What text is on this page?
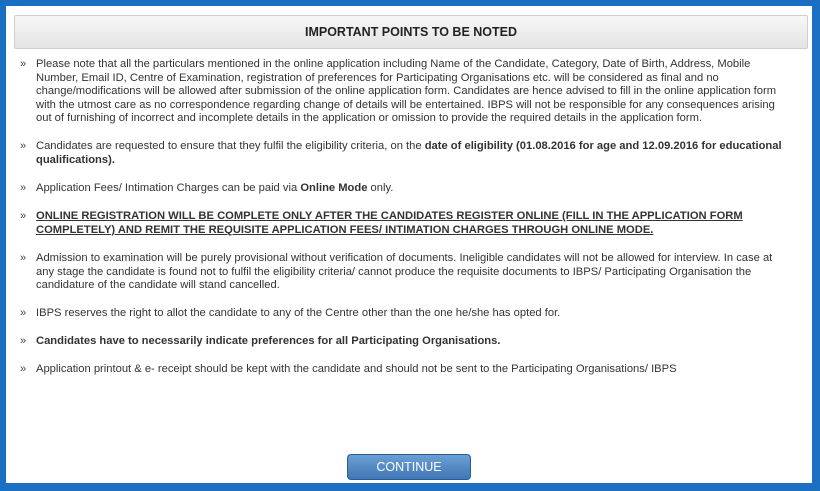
IMPORTANT POINTS TO BE NOTED
» Please note that all the particulars mentioned in the online application including Name of the Candidate, Category, Date of Birth, Address, Mobile Number, Email ID, Centre of Examination, registration of preferences for Participating Organisations etc. will be considered as final and no change/modifications will be allowed after submission of the online application form. Candidates are hence advised to fill in the online application form with the utmost care as no correspondence regarding change of details will be entertained. IBPS will not be responsible for any consequences arising out of furnishing of incorrect and incomplete details in the application or omission to provide the required details in the application form.
» Candidates are requested to ensure that they fulfil the eligibility criteria, on the date of eligibility (01.08.2016 for age and 12.09.2016 for educational qualifications).
» Application Fees/ Intimation Charges can be paid via Online Mode only.
» ONLINE REGISTRATION WILL BE COMPLETE ONLY AFTER THE CANDIDATES REGISTER ONLINE (FILL IN THE APPLICATION FORM COMPLETELY) AND REMIT THE REQUISITE APPLICATION FEES/ INTIMATION CHARGES THROUGH ONLINE MODE.
» Admission to examination will be purely provisional without verification of documents. Ineligible candidates will not be allowed for interview. In case at any stage the candidate is found not to fulfil the eligibility criteria/ cannot produce the requisite documents to IBPS/ Participating Organisation the candidature of the candidate will stand cancelled.
» IBPS reserves the right to allot the candidate to any of the Centre other than the one he/she has opted for.
» Candidates have to necessarily indicate preferences for all Participating Organisations.
» Application printout & e- receipt should be kept with the candidate and should not be sent to the Participating Organisations/ IBPS
CONTINUE
